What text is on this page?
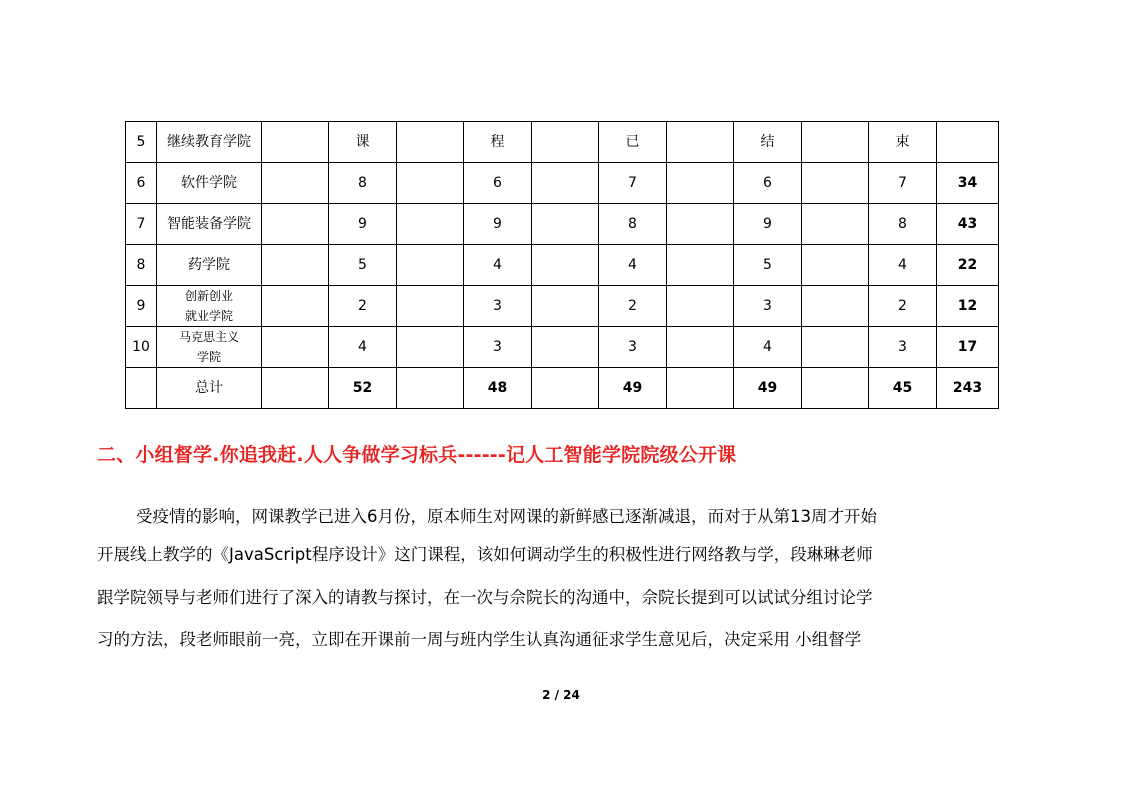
5	继续教育学院		课		程		已		结		束	
6	软件学院		8		6		7		6		7	34
7	智能装备学院		9		9		8		9		8	43
8	药学院		5		4		4		5		4	22
9	创新创业
就业学院		2		3		2		3		2	12
10	马克思主义
学院		4		3		3		4		3	17
	总计		52		48		49		49		45	243
二、小组督学.你追我赶.人人争做学习标兵------记人工智能学院院级公开课
受疫情的影响，网课教学已进入6月份，原本师生对网课的新鲜感已逐渐减退，而对于从第13周才开始
开展线上教学的《JavaScript程序设计》这门课程，该如何调动学生的积极性进行网络教与学，段琳琳老师
跟学院领导与老师们进行了深入的请教与探讨，在一次与佘院长的沟通中，佘院长提到可以试试分组讨论学
习的方法，段老师眼前一亮，立即在开课前一周与班内学生认真沟通征求学生意见后，决定采用 小组督学
2 / 24
